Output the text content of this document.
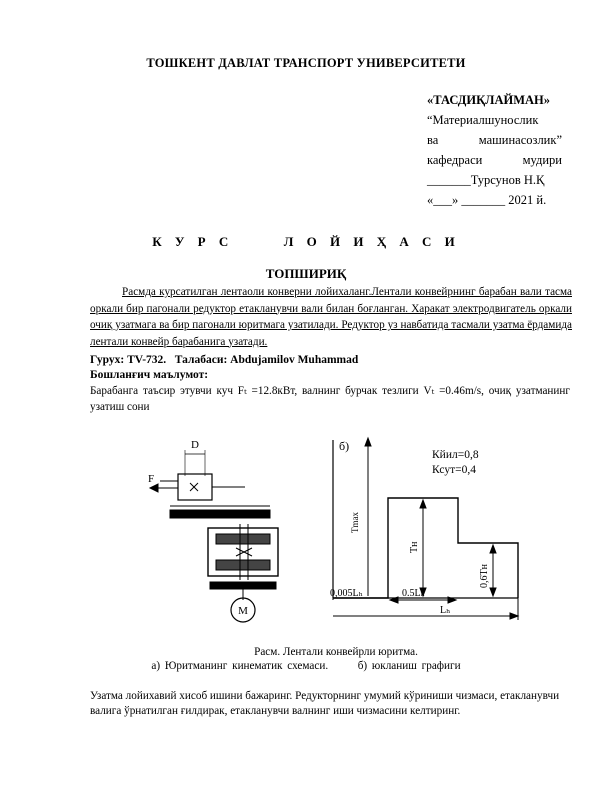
ТОШКЕНТ ДАВЛАТ ТРАНСПОРТ УНИВЕРСИТЕТИ
«ТАСДИҚЛАЙМАН»
“Материалшунослик
ва	машинасозлик”
кафедраси	мудири
_______Турсунов Н.Қ
«___» _______ 2021 й.
К У Р С	Л О Й И Ҳ А С И
ТОПШИРИҚ

Расмда курсатилган лентаоли конверни лойихаланг.Лентали конвейрнинг барабан вали тасма оркали бир пагонали редуктор етакланувчи вали билан боғланган. Харакат электродвигатель оркали очиқ узатмага ва бир пагонали юритмага узатилади. Редуктор уз навбатида тасмали узатма ёрдамида лентали конвейр барабанига узатади.

Гурух: TV-732. Талабаси: Abdujamilov Muhammad
Бошланғич маълумот:
Барабанга таъсир этувчи куч Fₜ =12.8кВт, валнинг бурчак тезлиги Vₜ =0.46m/s, очиқ узатманинг узатиш сони
M
D
F
б)
Кйил=0,8
Ксут=0,4
Tmax
Tн
0,6Tн
0,005Lₕ	0.5Lₕ
Lₕ
Расм. Лентали конвейрли юритма.
а) Юритманинг кинематик схемаси.	б) юкланиш графиги
Узатма лойихавий хисоб ишини бажаринг. Редукторнинг умумий кўриниши чизмаси, етакланувчи валига ўрнатилган ғилдирак, етакланувчи валнинг иши чизмасини келтиринг.
